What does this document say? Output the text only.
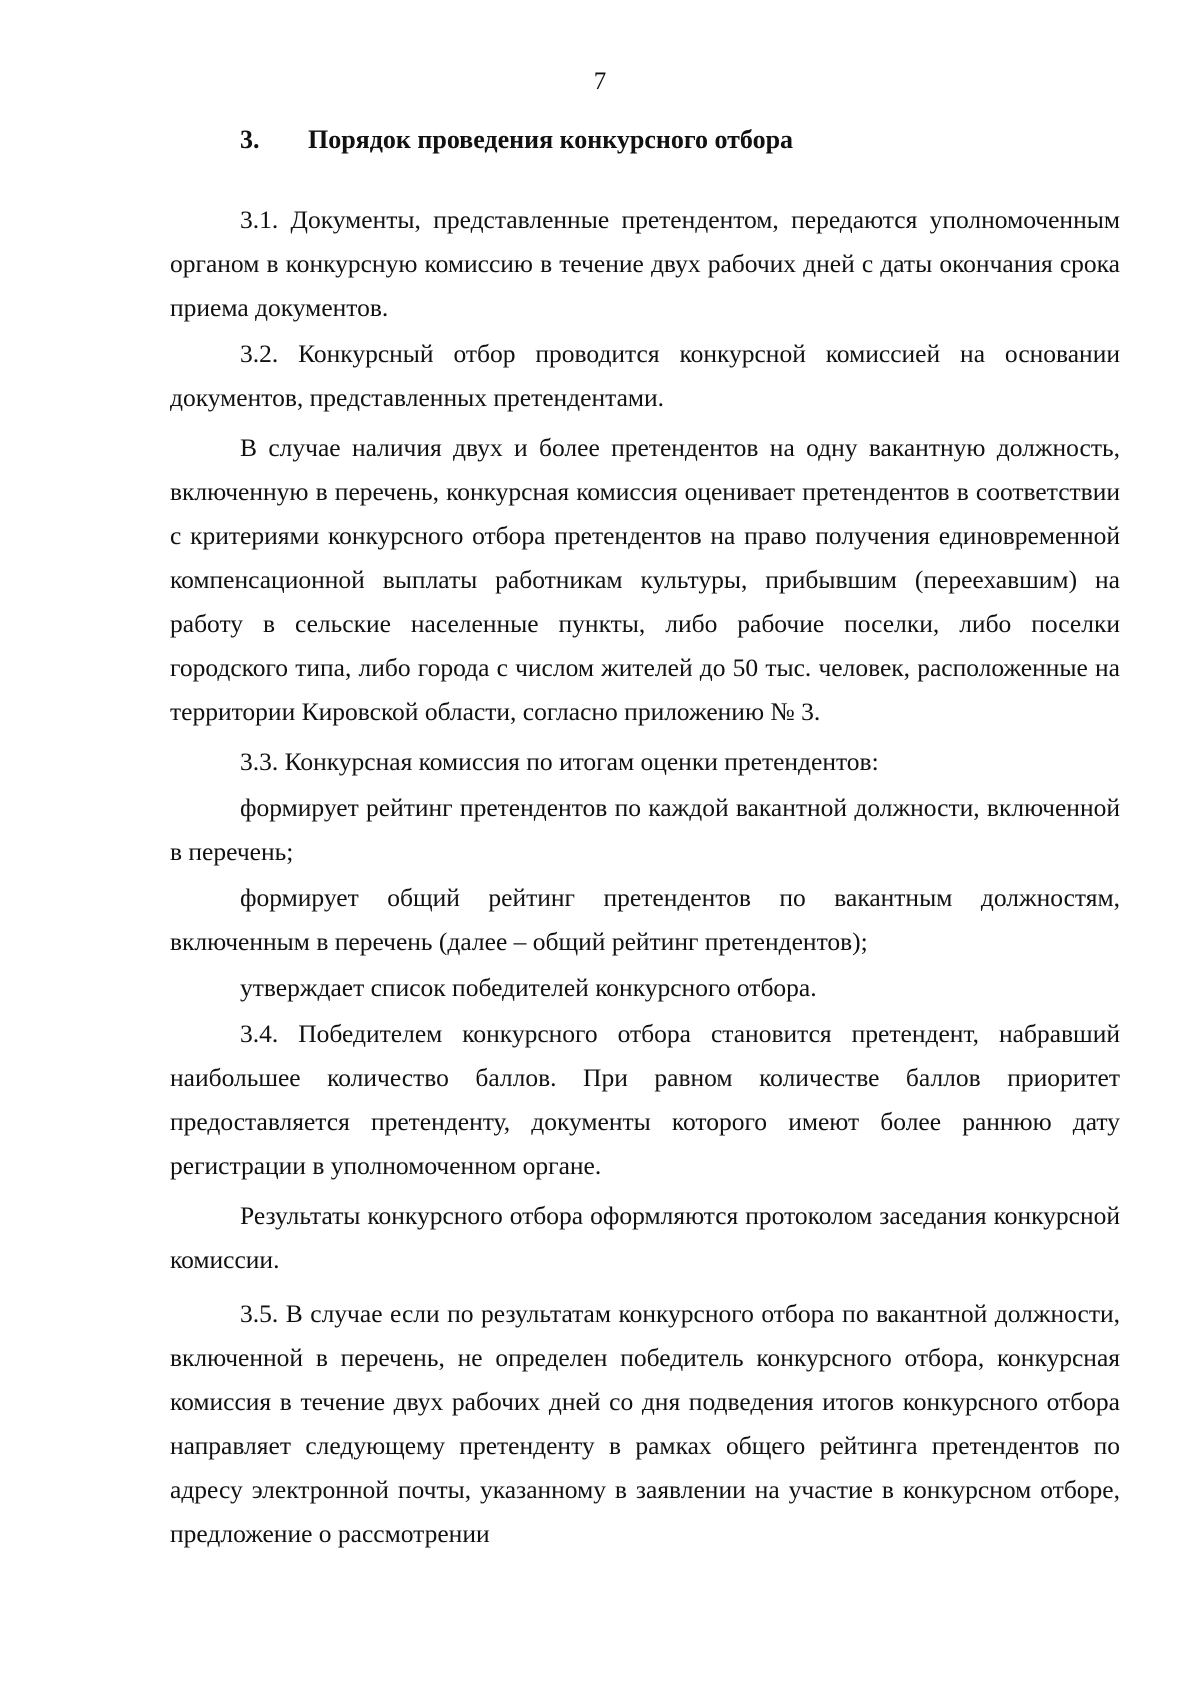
7
3. Порядок проведения конкурсного отбора

3.1. Документы, представленные претендентом, передаются уполномоченным органом в конкурсную комиссию в течение двух рабочих дней с даты окончания срока приема документов.

3.2. Конкурсный отбор проводится конкурсной комиссией на основании документов, представленных претендентами.

В случае наличия двух и более претендентов на одну вакантную должность, включенную в перечень, конкурсная комиссия оценивает претендентов в соответствии с критериями конкурсного отбора претендентов на право получения единовременной компенсационной выплаты работникам культуры, прибывшим (переехавшим) на работу в сельские населенные пункты, либо рабочие поселки, либо поселки городского типа, либо города с числом жителей до 50 тыс. человек, расположенные на территории Кировской области, согласно приложению № 3.

3.3. Конкурсная комиссия по итогам оценки претендентов:

формирует рейтинг претендентов по каждой вакантной должности, включенной в перечень;

формирует общий рейтинг претендентов по вакантным должностям, включенным в перечень (далее – общий рейтинг претендентов);

утверждает список победителей конкурсного отбора.

3.4. Победителем конкурсного отбора становится претендент, набравший наибольшее количество баллов. При равном количестве баллов приоритет предоставляется претенденту, документы которого имеют более раннюю дату регистрации в уполномоченном органе.

Результаты конкурсного отбора оформляются протоколом заседания конкурсной комиссии.

3.5. В случае если по результатам конкурсного отбора по вакантной должности, включенной в перечень, не определен победитель конкурсного отбора, конкурсная комиссия в течение двух рабочих дней со дня подведения итогов конкурсного отбора направляет следующему претенденту в рамках общего рейтинга претендентов по адресу электронной почты, указанному в заявлении на участие в конкурсном отборе, предложение о рассмотрении
